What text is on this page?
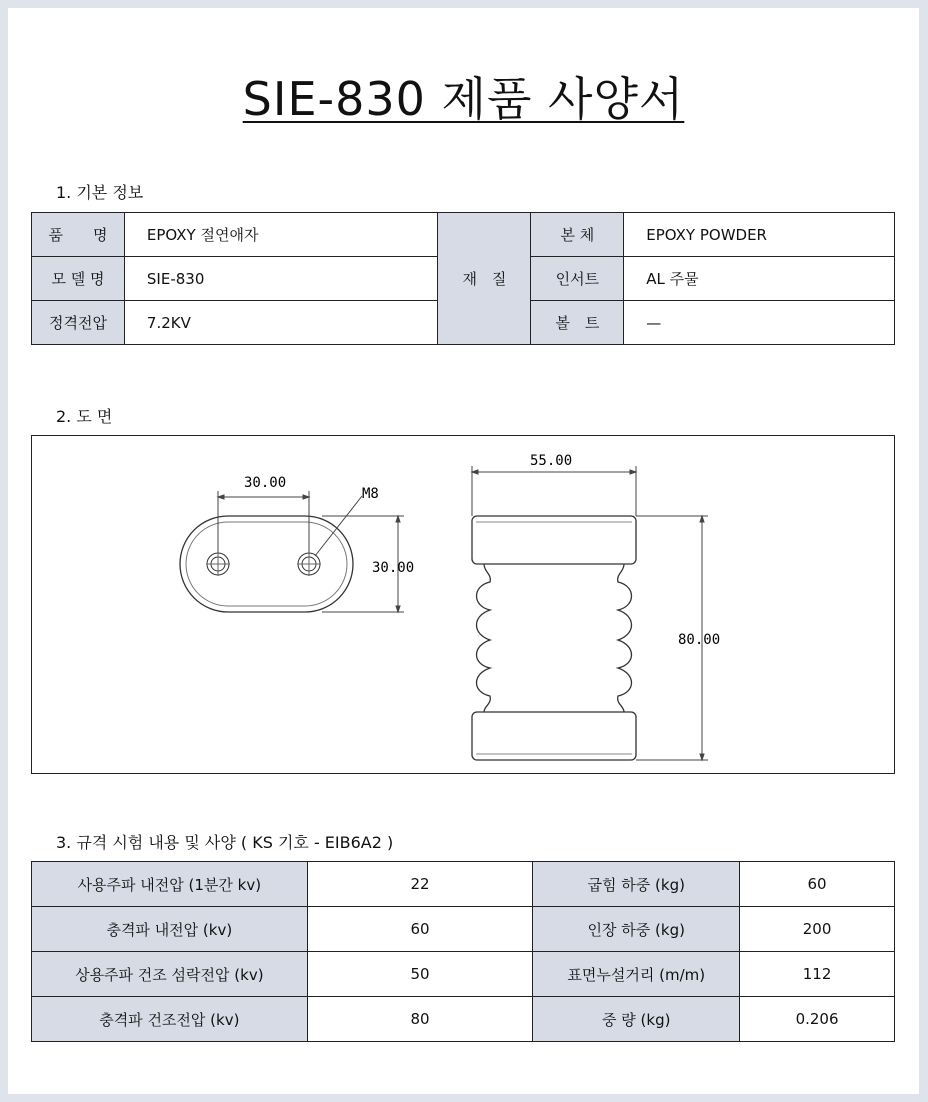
SIE-830 제품 사양서
1. 기본 정보
품　　명	EPOXY 절연애자	재　질	본 체	EPOXY POWDER
모 델 명	SIE-830		인서트	AL 주물
정격전압	7.2KV		볼　트	—
2. 도 면
30.00
30.00
M8
55.00
80.00
3. 규격 시험 내용 및 사양 ( KS 기호 - EIB6A2 )
사용주파 내전압 (1분간 kv)	22	굽힘 하중 (kg)	60
충격파 내전압 (kv)	60	인장 하중 (kg)	200
상용주파 건조 섬락전압 (kv)	50	표면누설거리 (m/m)	112
충격파 건조전압 (kv)	80	중 량 (kg)	0.206
